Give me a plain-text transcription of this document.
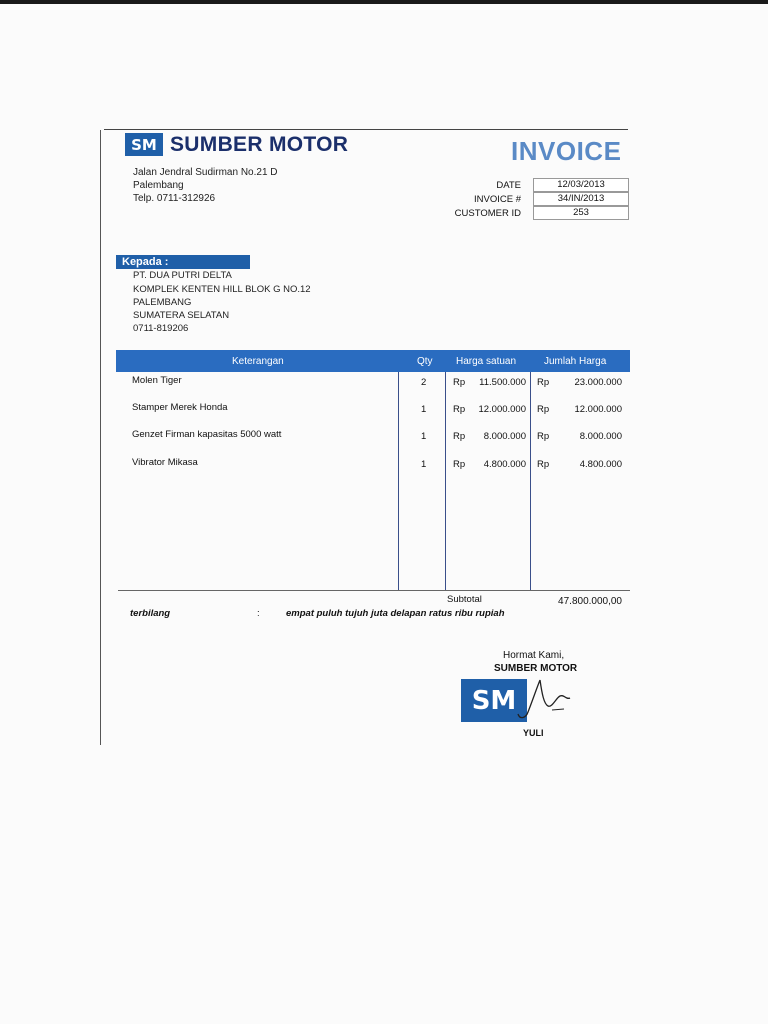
SM SUMBER MOTOR	INVOICE
Jalan Jendral Sudirman No.21 D
Palembang
Telp. 0711-312926
DATE	12/03/2013
INVOICE #	34/IN/2013
CUSTOMER ID	253
Kepada :
PT. DUA PUTRI DELTA
KOMPLEK KENTEN HILL BLOK G NO.12
PALEMBANG
SUMATERA SELATAN
0711-819206
Keterangan	Qty Harga satuan	Jumlah Harga
Molen Tiger	2	Rp	11.500.000 Rp	23.000.000
Stamper Merek Honda	1	Rp	12.000.000 Rp	12.000.000
Genzet Firman kapasitas 5000 watt	1	Rp	8.000.000 Rp	8.000.000
Vibrator Mikasa	1	Rp	4.800.000 Rp	4.800.000
Subtotal	47.800.000,00
terbilang	:	empat puluh tujuh juta delapan ratus ribu rupiah
Hormat Kami,
SUMBER MOTOR
SM
YULI
